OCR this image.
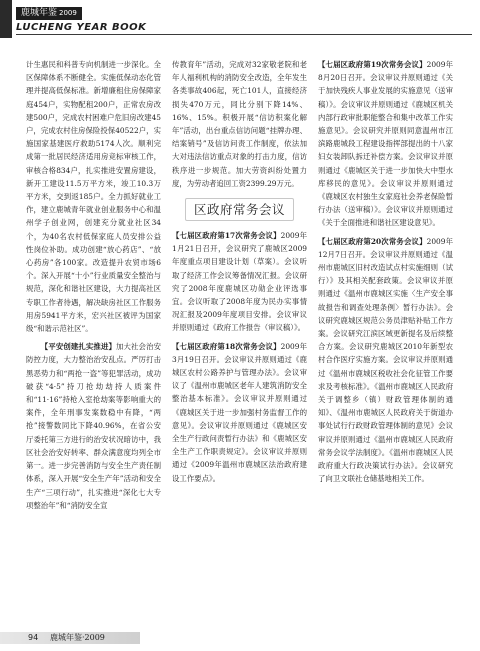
鹿城年鉴 2009
LUCHENG YEAR BOOK

计生惠民和科普专向机制进一步深化。全区保障体系不断健全。实施低保动态化管理并提高低保标准。新增廉租住房保障家庭454户，实物配租200户，正常农房改建500户，完成农村困难户危旧房改建45户，完成农村住房保险投保40522户，实施国家基建医疗救助5174人次。顺利完成第一批居民经济适用房竞标审核工作，审核合格834户，扎实推进安置房建设，新开工建设11.5万平方米，竣工10.3万平方米，交到返185户。全力抓好就业工作，建立鹿城青年就业创业服务中心和温州学子创业网，创建充分就业社区34个，为40名农村低保家庭人员安排公益性岗位补助。成功创建“放心药店”、“放心药房”各100家。改造提升农贸市场6个。深入开展“十小”行业质量安全整治与规范，深化和谐社区建设，大力提高社区专职工作者待遇，解决缺房社区工作服务用房5941平方米，宏兴社区被评为国家级“和谐示范社区”。

【平安创建扎实推进】加大社会治安防控力度，大力整治治安乱点。严厉打击黑恶势力和“两抢一盗”等犯罪活动，成功破获“4·5”持刀抢劫劫持人质案件和“11·16”持枪入室抢劫案等影响重大的案件，全年刑事发案数稳中有降，“两抢”接警数同比下降40.96%，在省公安厅委托第三方进行的治安状况暗访中，我区社会治安好转率、群众满意度均列全市第一。进一步完善消防与安全生产责任制体系，深入开展“安全生产年”活动和安全生产“三项行动”，扎实推进“深化七大专项整治年”和“消防安全宣

传教育年”活动，完成对32家敬老院和老年人福利机构的消防安全改造，全年发生各类事故406起，死亡101人，直接经济损失470万元，同比分别下降14%、16%、15%。积极开展“信访积案化解年”活动，出台重点信访问题“挂牌办理、结案销号”及信访问责工作制度，依法加大对违法信访重点对象的打击力度，信访秩序进一步规范。加大劳资纠纷处置力度，为劳动者追回工资2399.29万元。

区政府常务会议

【七届区政府第17次常务会议】2009年1月21日召开，会议研究了鹿城区2009年度重点项目建设计划（草案）。会议听取了经济工作会议筹备情况汇报。会议研究了2008年度鹿城区功勋企业评选事宜。会议听取了2008年度为民办实事情况汇报及2009年度项目安排。会议审议并原则通过《政府工作报告（审议稿）》。

【七届区政府第18次常务会议】2009年3月19日召开。会议审议并原则通过《鹿城区农村公路养护与管理办法》。会议审议了《温州市鹿城区老年人建筑消防安全整治基本标准》。会议审议并原则通过《鹿城区关于进一步加强村务监督工作的意见》。会议审议并原则通过《鹿城区安全生产行政问责暂行办法》和《鹿城区安全生产工作职责规定》。会议审议并原则通过《2009年温州市鹿城区法治政府建设工作要点》。

【七届区政府第19次常务会议】2009年8月20日召开。会议审议并原则通过《关于加快残疾人事业发展的实施意见（送审稿）》。会议审议并原则通过《鹿城区机关内部行政审批职能整合和集中改革工作实施意见》。会议研究并原则同意温州市江滨路鹿城段工程建设指挥部提出的十八家妇女装卸队拆迁补偿方案。会议审议并原则通过《鹿城区关于进一步加快大中型水库移民的意见》。会议审议并原则通过《鹿城区农村独生女家庭社会养老保险暂行办法（送审稿）》。会议审议并原则通过《关于全面推进和谐社区建设意见》。

【七届区政府第20次常务会议】2009年12月7日召开。会议审议并原则通过《温州市鹿城区旧村改造试点村实施细则（试行）》及其相关配套政策。会议审议并原则通过《温州市鹿城区实施〈生产安全事故报告和调查处理条例〉暂行办法》。会议研究鹿城区规范公务员津贴补贴工作方案。会议研究江滨区域更新提名及后续整合方案。会议研究鹿城区2010年新型农村合作医疗实施方案。会议审议并原则通过《温州市鹿城区税收社会化征管工作要求及考核标准》。《温州市鹿城区人民政府关于调整乡（镇）财政管理体制的通知》、《温州市鹿城区人民政府关于街道办事处试行行政财政管理体制的意见》会议审议并原则通过《温州市鹿城区人民政府常务会议学法制度》。《温州市鹿城区人民政府重大行政决策试行办法》。会议研究了向卫文联社仓储基地相关工作。

94 鹿城年鉴·2009
